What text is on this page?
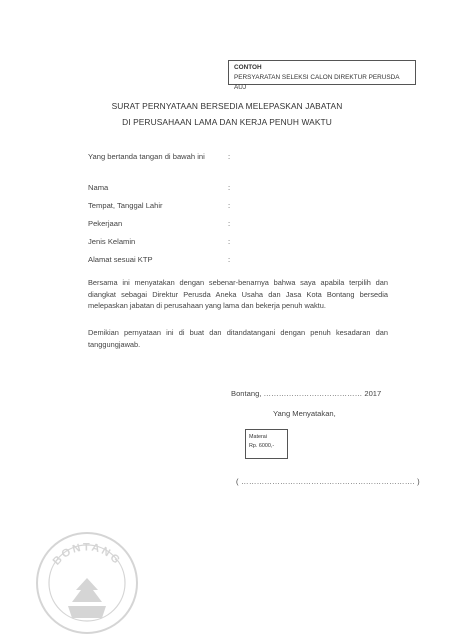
CONTOH
PERSYARATAN SELEKSI CALON DIREKTUR PERUSDA AUJ
SURAT PERNYATAAN BERSEDIA MELEPASKAN JABATAN
DI PERUSAHAAN LAMA DAN KERJA PENUH WAKTU
Yang bertanda tangan di bawah ini	:
Nama	:
Tempat, Tanggal Lahir	:
Pekerjaan	:
Jenis Kelamin	:
Alamat sesuai KTP	:
Bersama ini menyatakan dengan sebenar-benarnya bahwa saya apabila terpilih dan diangkat sebagai Direktur Perusda Aneka Usaha dan Jasa Kota Bontang bersedia melepaskan jabatan di perusahaan yang lama dan bekerja penuh waktu.
Demikian pernyataan ini di buat dan ditandatangani dengan penuh kesadaran dan tanggungjawab.
Bontang, ………………………………… 2017
Yang Menyatakan,
Materai
Rp. 6000,-
( …………………………………………………………. )
BONTANG
